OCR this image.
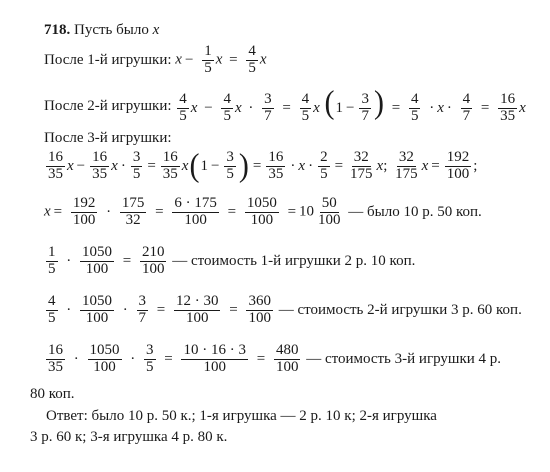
718.
Пусть было
x
После 1-й игрушки:
$x - \frac{1}{5}$ $x = \frac{4}{5}$ x
После 2-й игрушки:
$\frac{4}{5}$ $x - \frac{4}{5}$ $x \cdot \frac{3}{7} = \frac{4}{5}$ x ($1 - \frac{3}{7}$ ) = $\frac{4}{5} \cdot x \cdot \frac{4}{7} = \frac{16}{35}$ x
После 3-й игрушки:
$\frac{16}{35}$ $x - \frac{16}{35}$ $x \cdot \frac{3}{5} = \frac{16}{35}$ x ( $1 - \frac{3}{5}$ ) = $\frac{16}{35} \cdot x \cdot \frac{2}{5} = \frac{32}{175}$ x ; $\frac{32}{175}$ $x = \frac{192}{100}$ ;
$x = \frac{192}{100} \cdot \frac{175}{32} = \frac{6 \cdot 175}{100} = \frac{1050}{100} = 10 \frac{50}{100}$
— было 10 р. 50 коп.
$\frac{1}{5} \cdot \frac{1050}{100} = \frac{210}{100}$
— стоимость 1-й игрушки 2 р. 10 коп.
$\frac{4}{5} \cdot \frac{1050}{100} \cdot \frac{3}{7} = \frac{12 \cdot 30}{100} = \frac{360}{100}$
— стоимость 2-й игрушки 3 р. 60 коп.
$\frac{16}{35} \cdot \frac{1050}{100} \cdot \frac{3}{5} = \frac{10 \cdot 16 \cdot 3}{100} = \frac{480}{100}$
— стоимость 3-й игрушки 4 р.
80 коп.
Ответ: было 10 р. 50 к.; 1-я игрушка — 2 р. 10 к; 2-я игрушка
3 р. 60 к; 3-я игрушка 4 р. 80 к.
